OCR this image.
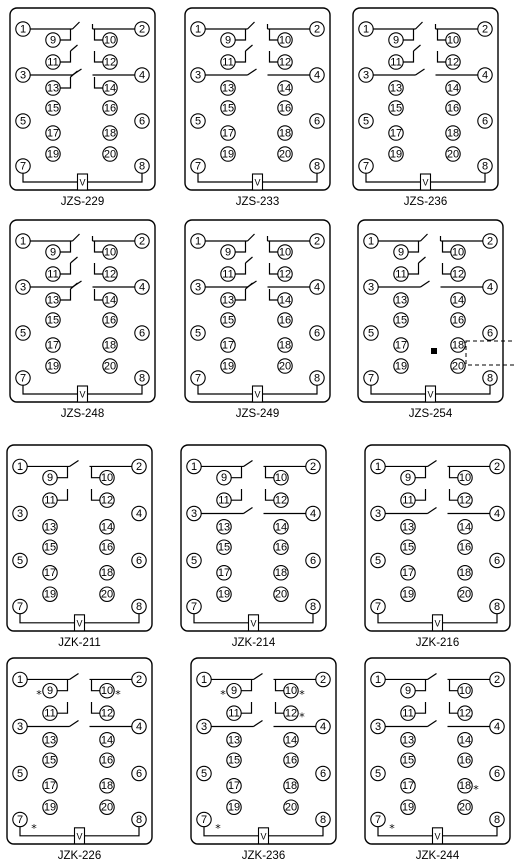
V
1	2
3	4
5	6
7	8
9	10
11	12
13	14
15	16
17	18
19	20
JZS-229
V
1	2
3	4
5	6
7	8
9	10
11	12
13	14
15	16
17	18
19	20
JZS-233
V
1	2
3	4
5	6
7	8
9	10
11	12
13	14
15	16
17	18
19	20
JZS-236
V
1	2
3	4
5	6
7	8
9	10
11	12
13	14
15	16
17	18
19	20
JZS-248
V
1	2
3	4
5	6
7	8
9	10
11	12
13	14
15	16
17	18
19	20
JZS-249
V
1	2
3	4
5	6
7	8
9	10
11	12
13	14
15	16
17	18
19	20
JZS-254
V
1	2
3	4
5	6
7	8
9	10
11	12
13	14
15	16
17	18
19	20
JZK-211
V
1	2
3	4
5	6
7	8
9	10
11	12
13	14
15	16
17	18
19	20
JZK-214
V
1	2
3	4
5	6
7	8
9	10
11	12
13	14
15	16
17	18
19	20
JZK-216
V
1	2
3	4
5	6
7	8
9	10
11	12
13	14
15	16
17	18
19	20
*
*	*
JZK-226
V
1	2
3	4
5	6
7	8
9	10
11	12
13	14
15	16
17	18
19	20
*
*	*
*
JZK-236
V
1	2
3	4
5	6
7	8
9	10
11	12
13	14
15	16
17	18
19	20
*
*
JZK-244
